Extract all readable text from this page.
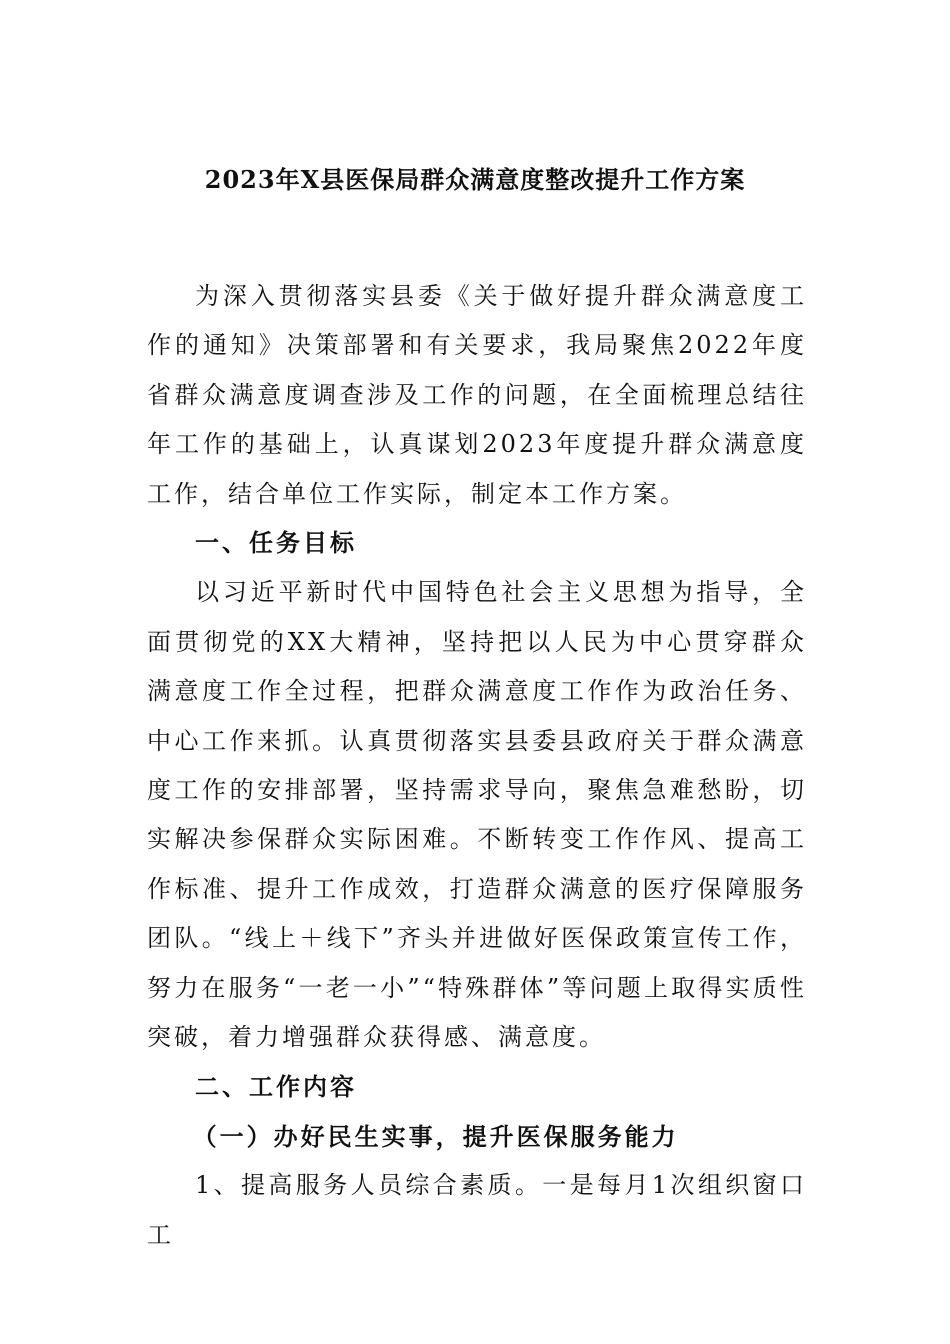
2023年X县医保局群众满意度整改提升工作方案

为深入贯彻落实县委《关于做好提升群众满意度工作的通知》决策部署和有关要求，我局聚焦2022年度省群众满意度调查涉及工作的问题，在全面梳理总结往年工作的基础上，认真谋划2023年度提升群众满意度工作，结合单位工作实际，制定本工作方案。

一、任务目标

以习近平新时代中国特色社会主义思想为指导，全面贯彻党的XX大精神，坚持把以人民为中心贯穿群众满意度工作全过程，把群众满意度工作作为政治任务、中心工作来抓。认真贯彻落实县委县政府关于群众满意度工作的安排部署，坚持需求导向，聚焦急难愁盼，切实解决参保群众实际困难。不断转变工作作风、提高工作标准、提升工作成效，打造群众满意的医疗保障服务团队。“线上＋线下”齐头并进做好医保政策宣传工作，努力在服务“一老一小”“特殊群体”等问题上取得实质性突破，着力增强群众获得感、满意度。

二、工作内容

（一）办好民生实事，提升医保服务能力

1、提高服务人员综合素质。一是每月1次组织窗口工
